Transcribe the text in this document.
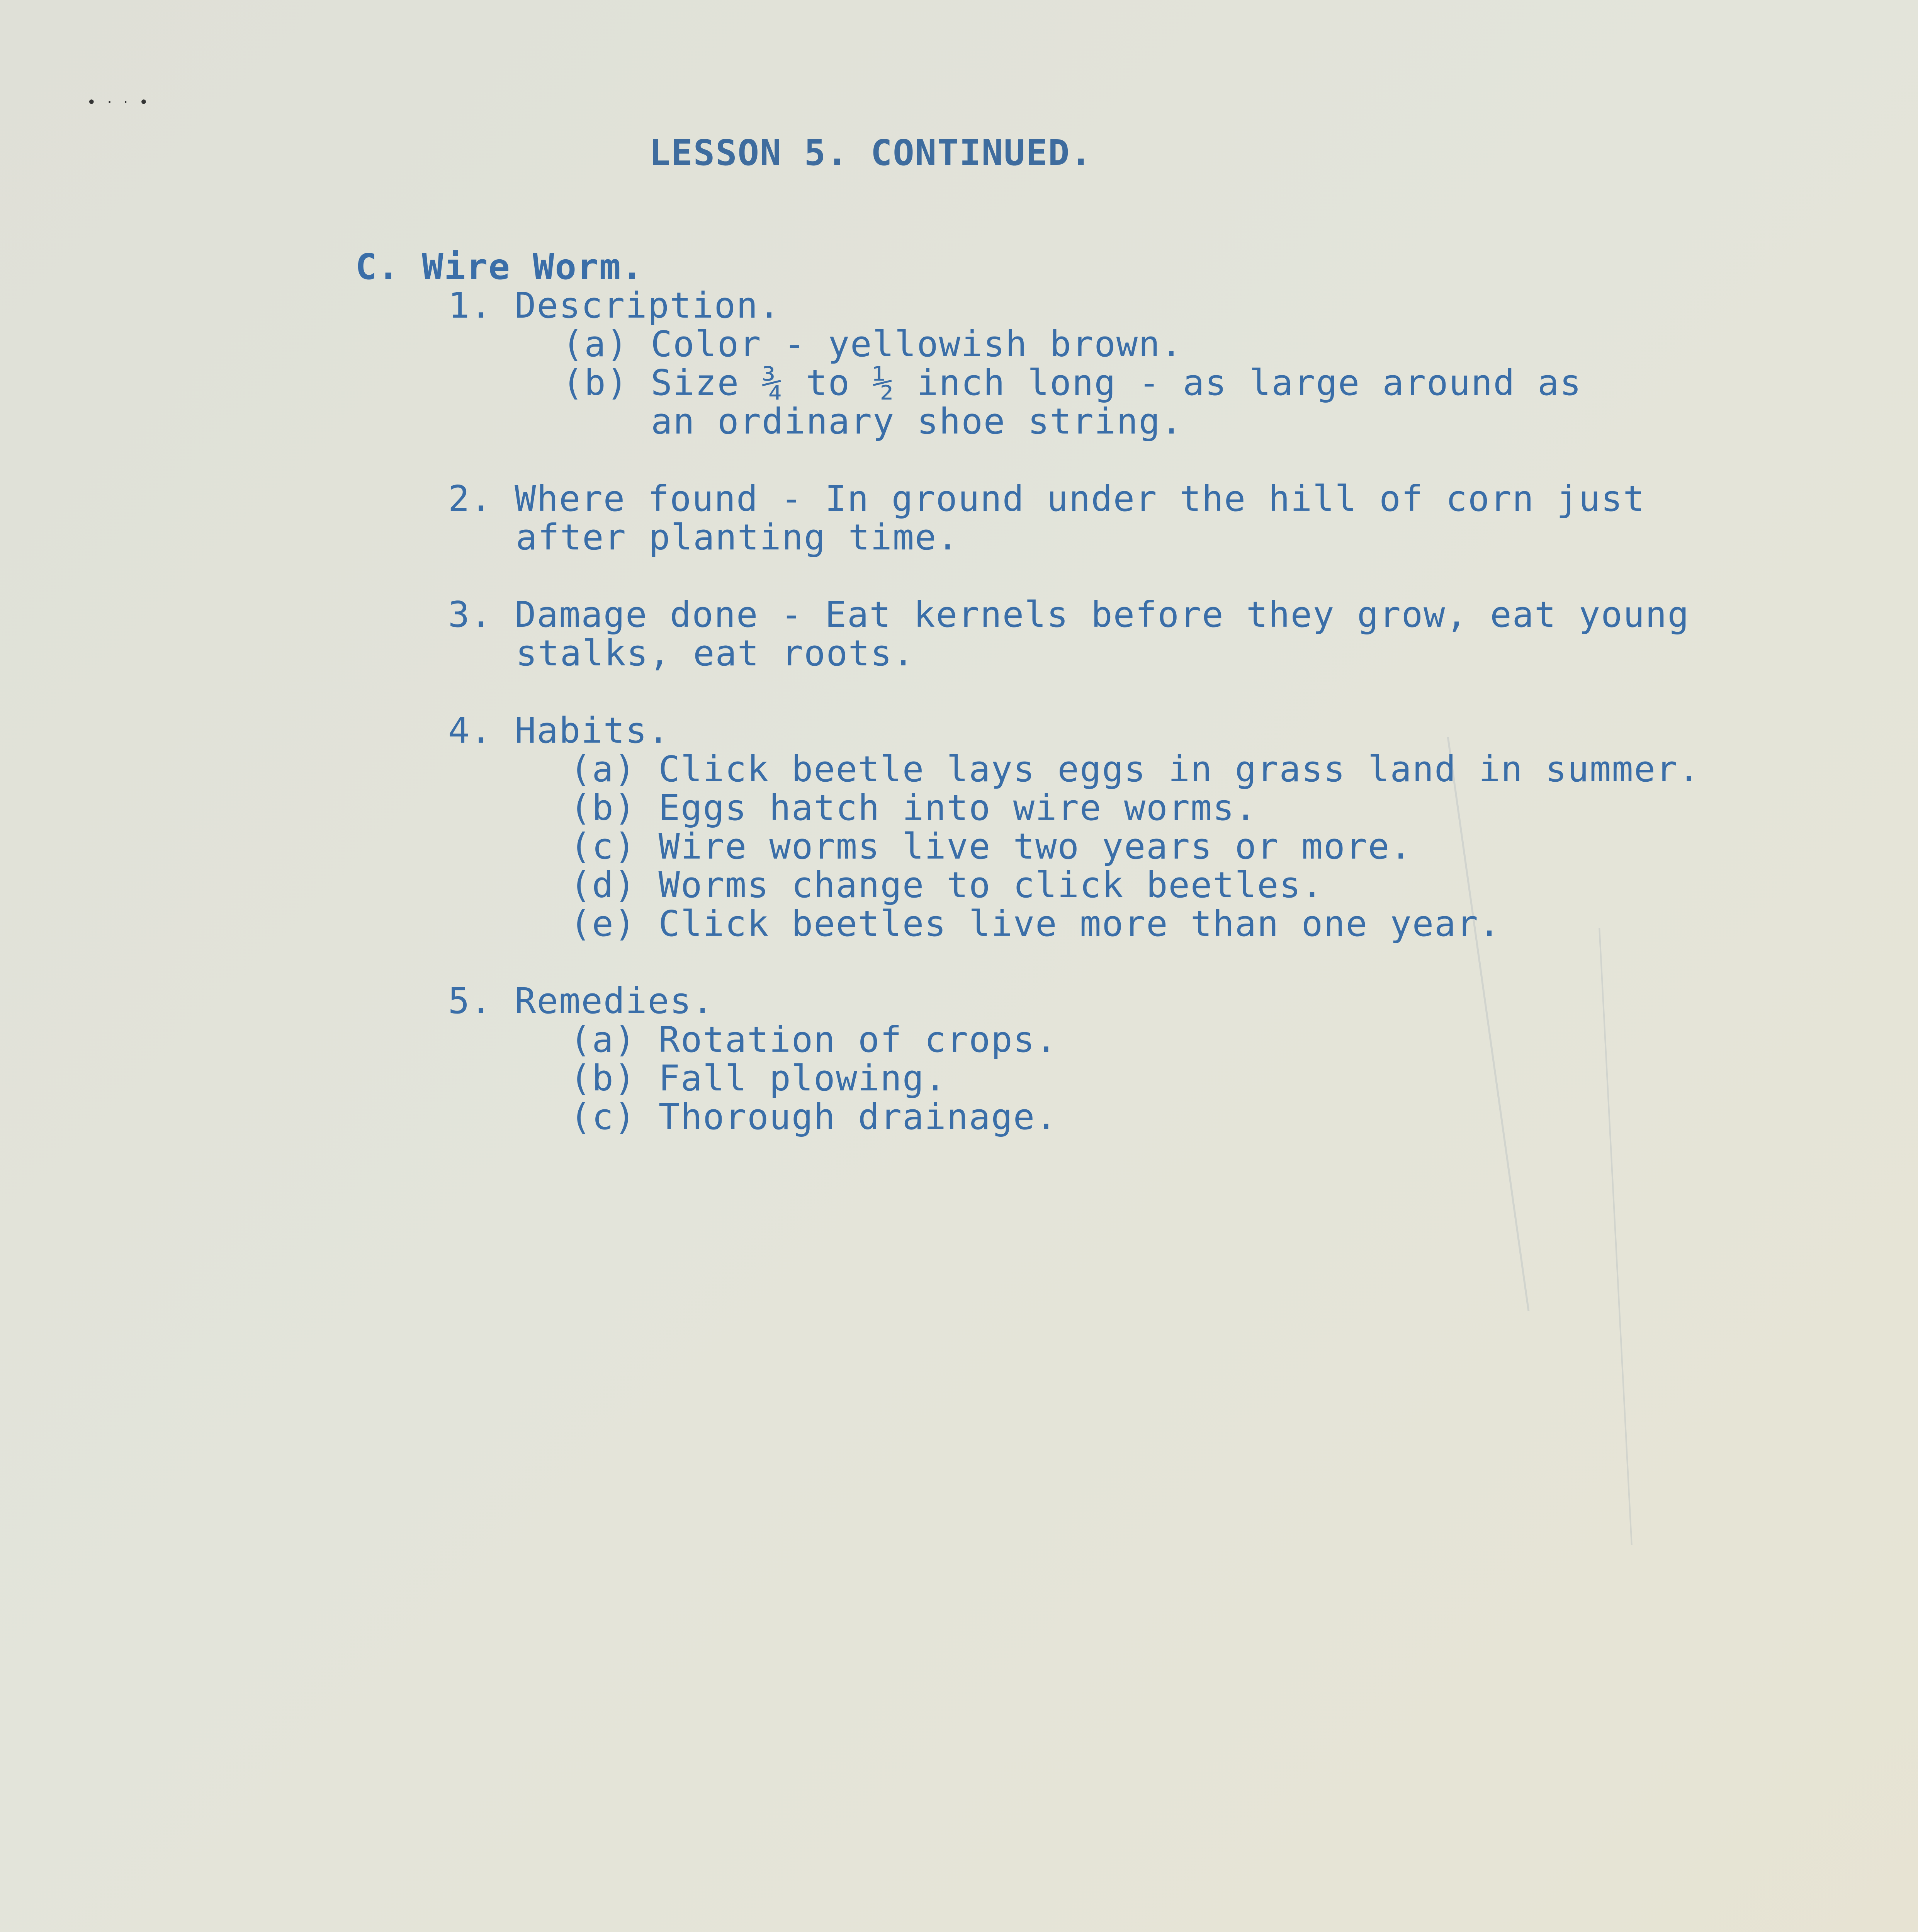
• · · •
LESSON 5. CONTINUED.
C. Wire Worm.
1. Description.
(a) Color - yellowish brown.
(b) Size ¾ to ½ inch long - as large around as
an ordinary shoe string.
2. Where found - In ground under the hill of corn just
after planting time.
3. Damage done - Eat kernels before they grow, eat young
stalks, eat roots.
4. Habits.
(a) Click beetle lays eggs in grass land in summer.
(b) Eggs hatch into wire worms.
(c) Wire worms live two years or more.
(d) Worms change to click beetles.
(e) Click beetles live more than one year.
5. Remedies.
(a) Rotation of crops.
(b) Fall plowing.
(c) Thorough drainage.
